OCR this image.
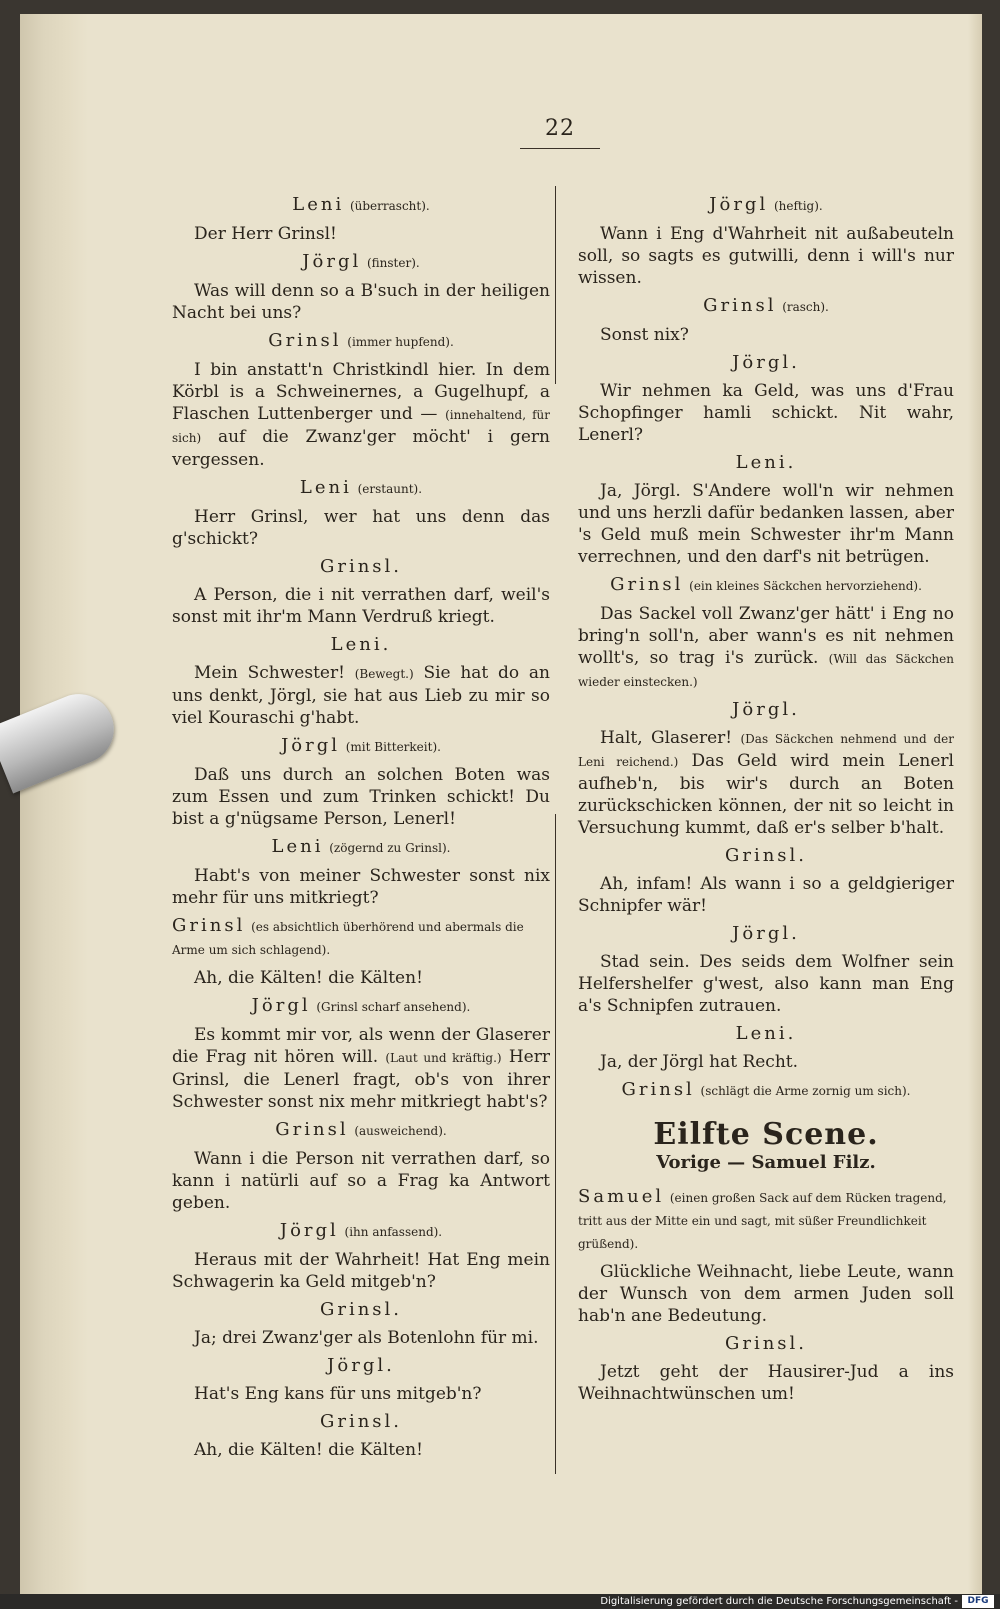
22
Leni (überrascht).
Der Herr Grinsl!
Jörgl (finster).
Was will denn so a B'such in der heiligen Nacht bei uns?
Grinsl (immer hupfend).
I bin anstatt'n Christkindl hier. In dem Körbl is a Schweinernes, a Gugelhupf, a Flaschen Luttenberger und — (innehaltend, für sich) auf die Zwanz'ger möcht' i gern vergessen.
Leni (erstaunt).
Herr Grinsl, wer hat uns denn das g'schickt?
Grinsl.
A Person, die i nit verrathen darf, weil's sonst mit ihr'm Mann Verdruß kriegt.
Leni.
Mein Schwester! (Bewegt.) Sie hat do an uns denkt, Jörgl, sie hat aus Lieb zu mir so viel Kouraschi g'habt.
Jörgl (mit Bitterkeit).
Daß uns durch an solchen Boten was zum Essen und zum Trinken schickt! Du bist a g'nügsame Person, Lenerl!
Leni (zögernd zu Grinsl).
Habt's von meiner Schwester sonst nix mehr für uns mitkriegt?
Grinsl (es absichtlich überhörend und abermals die Arme um sich schlagend).
Ah, die Kälten! die Kälten!
Jörgl (Grinsl scharf ansehend).
Es kommt mir vor, als wenn der Glaserer die Frag nit hören will. (Laut und kräftig.) Herr Grinsl, die Lenerl fragt, ob's von ihrer Schwester sonst nix mehr mitkriegt habt's?
Grinsl (ausweichend).
Wann i die Person nit verrathen darf, so kann i natürli auf so a Frag ka Antwort geben.
Jörgl (ihn anfassend).
Heraus mit der Wahrheit! Hat Eng mein Schwagerin ka Geld mitgeb'n?
Grinsl.
Ja; drei Zwanz'ger als Botenlohn für mi.
Jörgl.
Hat's Eng kans für uns mitgeb'n?
Grinsl.
Ah, die Kälten! die Kälten!
Jörgl (heftig).
Wann i Eng d'Wahrheit nit außabeuteln soll, so sagts es gutwilli, denn i will's nur wissen.
Grinsl (rasch).
Sonst nix?
Jörgl.
Wir nehmen ka Geld, was uns d'Frau Schopfinger hamli schickt. Nit wahr, Lenerl?
Leni.
Ja, Jörgl. S'Andere woll'n wir nehmen und uns herzli dafür bedanken lassen, aber 's Geld muß mein Schwester ihr'm Mann verrechnen, und den darf's nit betrügen.
Grinsl (ein kleines Säckchen hervorziehend).
Das Sackel voll Zwanz'ger hätt' i Eng no bring'n soll'n, aber wann's es nit nehmen wollt's, so trag i's zurück. (Will das Säckchen wieder einstecken.)
Jörgl.
Halt, Glaserer! (Das Säckchen nehmend und der Leni reichend.) Das Geld wird mein Lenerl aufheb'n, bis wir's durch an Boten zurückschicken können, der nit so leicht in Versuchung kummt, daß er's selber b'halt.
Grinsl.
Ah, infam! Als wann i so a geldgieriger Schnipfer wär!
Jörgl.
Stad sein. Des seids dem Wolfner sein Helfershelfer g'west, also kann man Eng a's Schnipfen zutrauen.
Leni.
Ja, der Jörgl hat Recht.
Grinsl (schlägt die Arme zornig um sich).
Eilfte Scene.
Vorige — Samuel Filz.
Samuel (einen großen Sack auf dem Rücken tragend, tritt aus der Mitte ein und sagt, mit süßer Freundlichkeit grüßend).
Glückliche Weihnacht, liebe Leute, wann der Wunsch von dem armen Juden soll hab'n ane Bedeutung.
Grinsl.
Jetzt geht der Hausirer-Jud a ins Weihnachtwünschen um!
Digitalisierung gefördert durch die Deutsche Forschungsgemeinschaft -	DFG
